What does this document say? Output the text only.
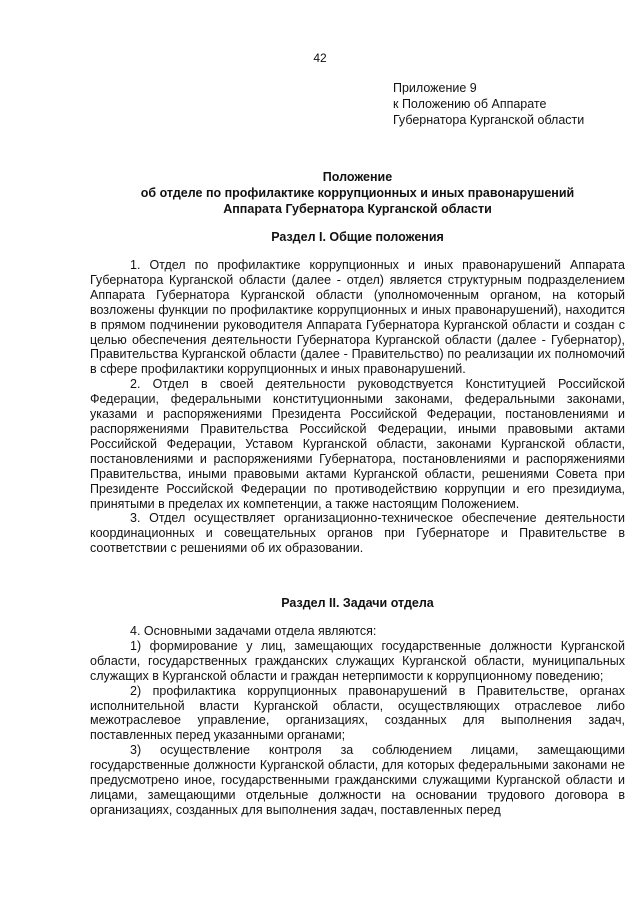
42
Приложение 9
к Положению об Аппарате
Губернатора Курганской области
Положение
об отделе по профилактике коррупционных и иных правонарушений
Аппарата Губернатора Курганской области
Раздел I. Общие положения

1. Отдел по профилактике коррупционных и иных правонарушений Аппарата Губернатора Курганской области (далее - отдел) является структурным подразделением Аппарата Губернатора Курганской области (уполномоченным органом, на который возложены функции по профилактике коррупционных и иных правонарушений), находится в прямом подчинении руководителя Аппарата Губернатора Курганской области и создан с целью обеспечения деятельности Губернатора Курганской области (далее - Губернатор), Правительства Курганской области (далее - Правительство) по реализации их полномочий в сфере профилактики коррупционных и иных правонарушений.

2. Отдел в своей деятельности руководствуется Конституцией Российской Федерации, федеральными конституционными законами, федеральными законами, указами и распоряжениями Президента Российской Федерации, постановлениями и распоряжениями Правительства Российской Федерации, иными правовыми актами Российской Федерации, Уставом Курганской области, законами Курганской области, постановлениями и распоряжениями Губернатора, постановлениями и распоряжениями Правительства, иными правовыми актами Курганской области, решениями Совета при Президенте Российской Федерации по противодействию коррупции и его президиума, принятыми в пределах их компетенции, а также настоящим Положением.

3. Отдел осуществляет организационно-техническое обеспечение деятельности координационных и совещательных органов при Губернаторе и Правительстве в соответствии с решениями об их образовании.

Раздел II. Задачи отдела

4. Основными задачами отдела являются:

1) формирование у лиц, замещающих государственные должности Курганской области, государственных гражданских служащих Курганской области, муниципальных служащих в Курганской области и граждан нетерпимости к коррупционному поведению;

2) профилактика коррупционных правонарушений в Правительстве, органах исполнительной власти Курганской области, осуществляющих отраслевое либо межотраслевое управление, организациях, созданных для выполнения задач, поставленных перед указанными органами;

3) осуществление контроля за соблюдением лицами, замещающими государственные должности Курганской области, для которых федеральными законами не предусмотрено иное, государственными гражданскими служащими Курганской области и лицами, замещающими отдельные должности на основании трудового договора в организациях, созданных для выполнения задач, поставленных перед
